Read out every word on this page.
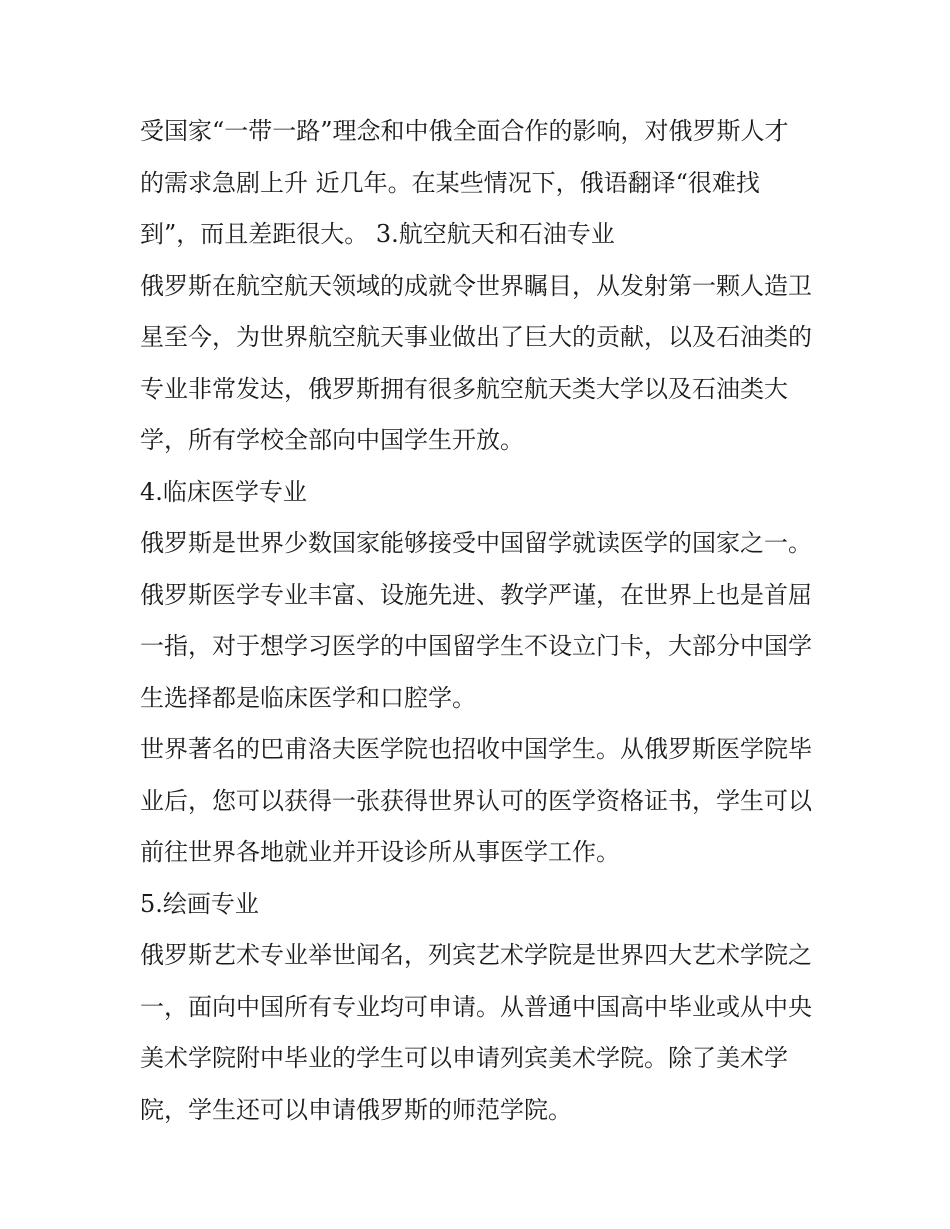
受国家“一带一路”理念和中俄全面合作的影响，对俄罗斯人才的需求急剧上升 近几年。在某些情况下，俄语翻译“很难找到”，而且差距很大。 3.航空航天和石油专业

俄罗斯在航空航天领域的成就令世界瞩目，从发射第一颗人造卫星至今，为世界航空航天事业做出了巨大的贡献，以及石油类的专业非常发达，俄罗斯拥有很多航空航天类大学以及石油类大学，所有学校全部向中国学生开放。

4.临床医学专业

俄罗斯是世界少数国家能够接受中国留学就读医学的国家之一。俄罗斯医学专业丰富、设施先进、教学严谨，在世界上也是首屈一指，对于想学习医学的中国留学生不设立门卡，大部分中国学生选择都是临床医学和口腔学。

世界著名的巴甫洛夫医学院也招收中国学生。从俄罗斯医学院毕业后，您可以获得一张获得世界认可的医学资格证书，学生可以前往世界各地就业并开设诊所从事医学工作。

5.绘画专业

俄罗斯艺术专业举世闻名，列宾艺术学院是世界四大艺术学院之一，面向中国所有专业均可申请。从普通中国高中毕业或从中央美术学院附中毕业的学生可以申请列宾美术学院。除了美术学院，学生还可以申请俄罗斯的师范学院。
